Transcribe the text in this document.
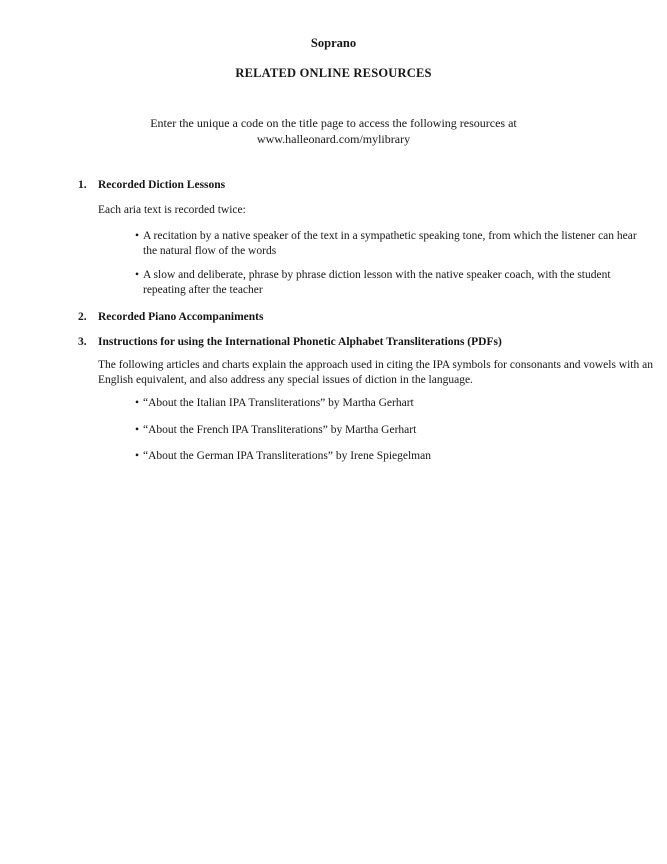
Soprano
RELATED ONLINE RESOURCES
Enter the unique a code on the title page to access the following resources at
www.halleonard.com/mylibrary
1. Recorded Diction Lessons
Each aria text is recorded twice:
• A recitation by a native speaker of the text in a sympathetic speaking tone, from which the listener can hear the natural flow of the words
• A slow and deliberate, phrase by phrase diction lesson with the native speaker coach, with the student repeating after the teacher
2. Recorded Piano Accompaniments
3. Instructions for using the International Phonetic Alphabet Transliterations (PDFs)
The following articles and charts explain the approach used in citing the IPA symbols for consonants and vowels with an English equivalent, and also address any special issues of diction in the language.
• “About the Italian IPA Transliterations” by Martha Gerhart
• “About the French IPA Transliterations” by Martha Gerhart
• “About the German IPA Transliterations” by Irene Spiegelman
